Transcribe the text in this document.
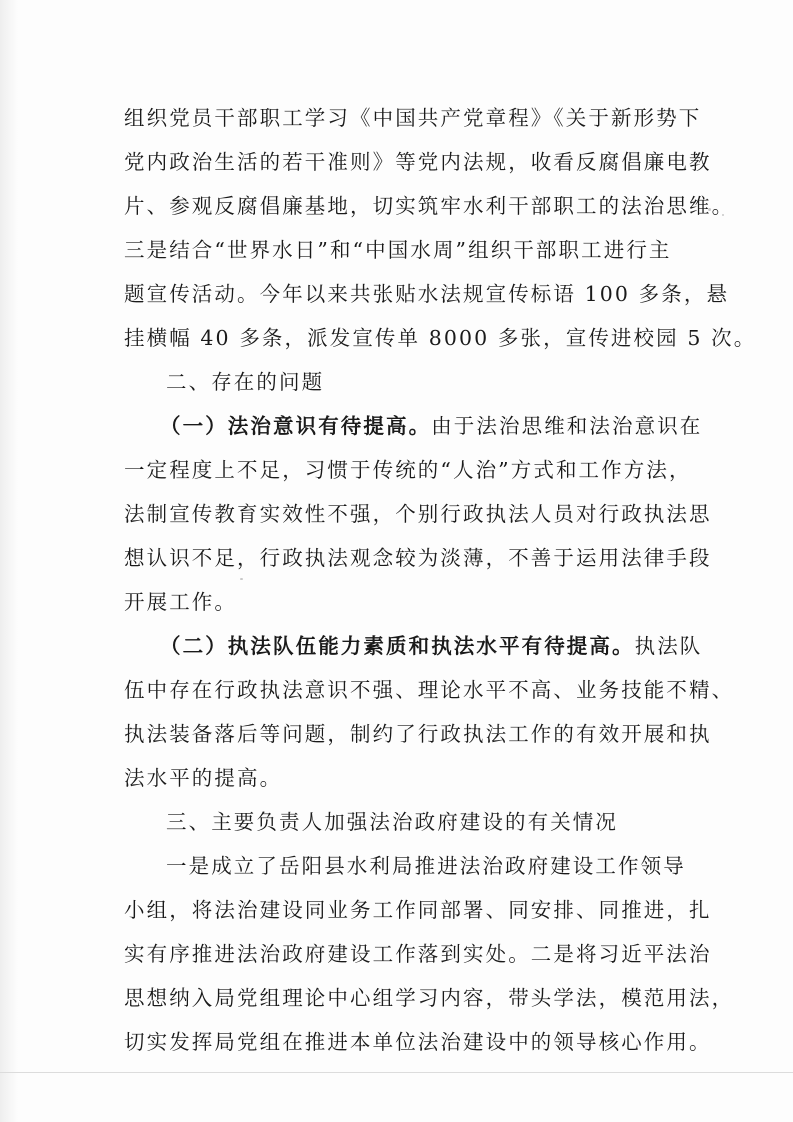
组织党员干部职工学习《中国共产党章程》《关于新形势下
党内政治生活的若干准则》等党内法规，收看反腐倡廉电教
片、参观反腐倡廉基地，切实筑牢水利干部职工的法治思维。
三是结合“世界水日”和“中国水周”组织干部职工进行主
题宣传活动。今年以来共张贴水法规宣传标语 100 多条，悬
挂横幅 40 多条，派发宣传单 8000 多张，宣传进校园 5 次。
二、存在的问题
（一）法治意识有待提高。由于法治思维和法治意识在
一定程度上不足，习惯于传统的“人治”方式和工作方法，
法制宣传教育实效性不强，个别行政执法人员对行政执法思
想认识不足，行政执法观念较为淡薄，不善于运用法律手段
开展工作。
（二）执法队伍能力素质和执法水平有待提高。执法队
伍中存在行政执法意识不强、理论水平不高、业务技能不精、
执法装备落后等问题，制约了行政执法工作的有效开展和执
法水平的提高。
三、主要负责人加强法治政府建设的有关情况
一是成立了岳阳县水利局推进法治政府建设工作领导
小组，将法治建设同业务工作同部署、同安排、同推进，扎
实有序推进法治政府建设工作落到实处。二是将习近平法治
思想纳入局党组理论中心组学习内容，带头学法，模范用法，
切实发挥局党组在推进本单位法治建设中的领导核心作用。
